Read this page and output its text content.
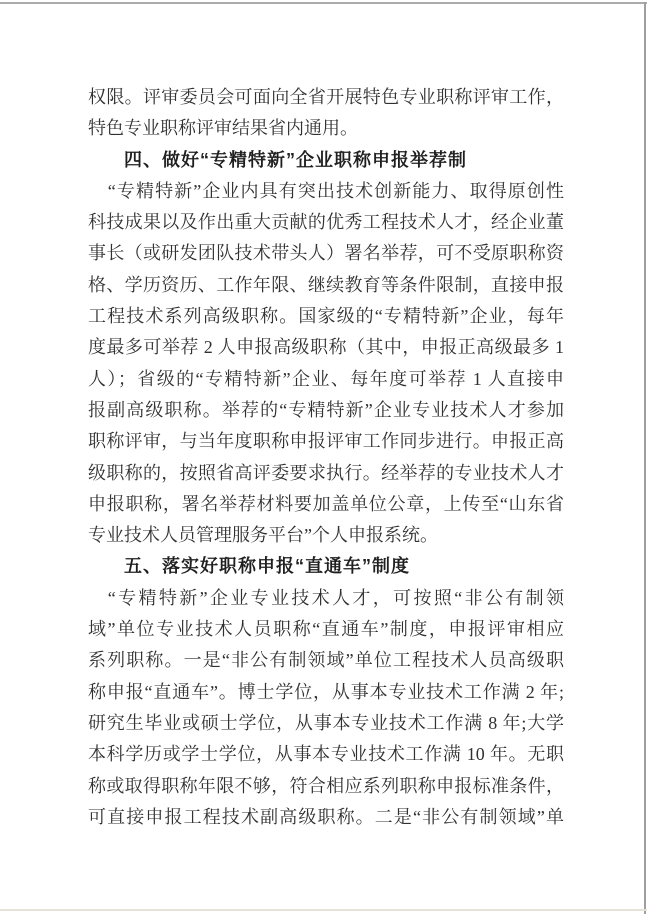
权限。评审委员会可面向全省开展特色专业职称评审工作，
特色专业职称评审结果省内通用。
四、做好“专精特新”企业职称申报举荐制
“专精特新”企业内具有突出技术创新能力、取得原创性
科技成果以及作出重大贡献的优秀工程技术人才，经企业董
事长（或研发团队技术带头人）署名举荐，可不受原职称资
格、学历资历、工作年限、继续教育等条件限制，直接申报
工程技术系列高级职称。国家级的“专精特新”企业，每年
度最多可举荐 2 人申报高级职称（其中，申报正高级最多 1
人）；省级的“专精特新”企业、每年度可举荐 1 人直接申
报副高级职称。举荐的“专精特新”企业专业技术人才参加
职称评审，与当年度职称申报评审工作同步进行。申报正高
级职称的，按照省高评委要求执行。经举荐的专业技术人才
申报职称，署名举荐材料要加盖单位公章，上传至“山东省
专业技术人员管理服务平台”个人申报系统。
五、落实好职称申报“直通车”制度
“专精特新”企业专业技术人才，可按照“非公有制领
域”单位专业技术人员职称“直通车”制度，申报评审相应
系列职称。一是“非公有制领域”单位工程技术人员高级职
称申报“直通车”。博士学位，从事本专业技术工作满 2 年;
研究生毕业或硕士学位，从事本专业技术工作满 8 年;大学
本科学历或学士学位，从事本专业技术工作满 10 年。无职
称或取得职称年限不够，符合相应系列职称申报标准条件，
可直接申报工程技术副高级职称。二是“非公有制领域”单
